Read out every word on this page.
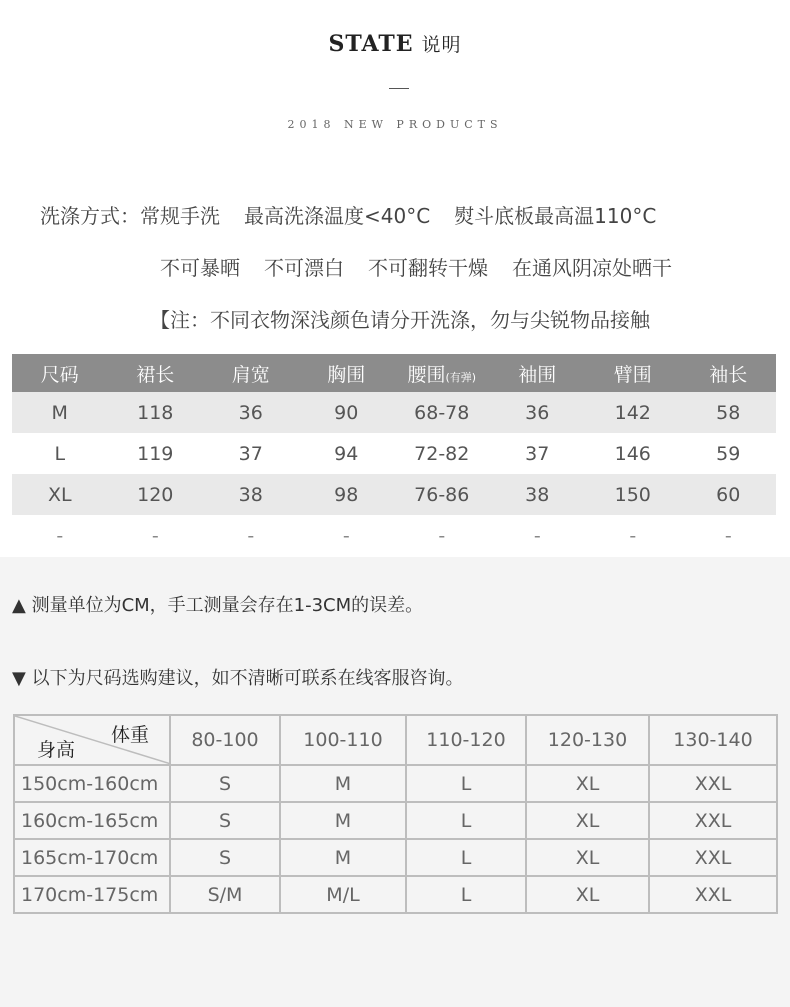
STATE 说明
2018 NEW PRODUCTS
洗涤方式：常规手洗 最高洗涤温度<40°C 熨斗底板最高温110°C
不可暴晒 不可漂白 不可翻转干燥 在通风阴凉处晒干
【注：不同衣物深浅颜色请分开洗涤，勿与尖锐物品接触
尺码	裙长	肩宽	胸围	腰围(有弹)	袖围	臂围	袖长
M	118	36	90	68-78	36	142	58
L	119	37	94	72-82	37	146	59
XL	120	38	98	76-86	38	150	60
-	-	-	-	-	-	-	-
▲ 测量单位为CM，手工测量会存在1-3CM的误差。
▼ 以下为尺码选购建议，如不清晰可联系在线客服咨询。
体重
身高	80-100	100-110	110-120	120-130	130-140
150cm-160cm	S	M	L	XL	XXL
160cm-165cm	S	M	L	XL	XXL
165cm-170cm	S	M	L	XL	XXL
170cm-175cm	S/M	M/L	L	XL	XXL
